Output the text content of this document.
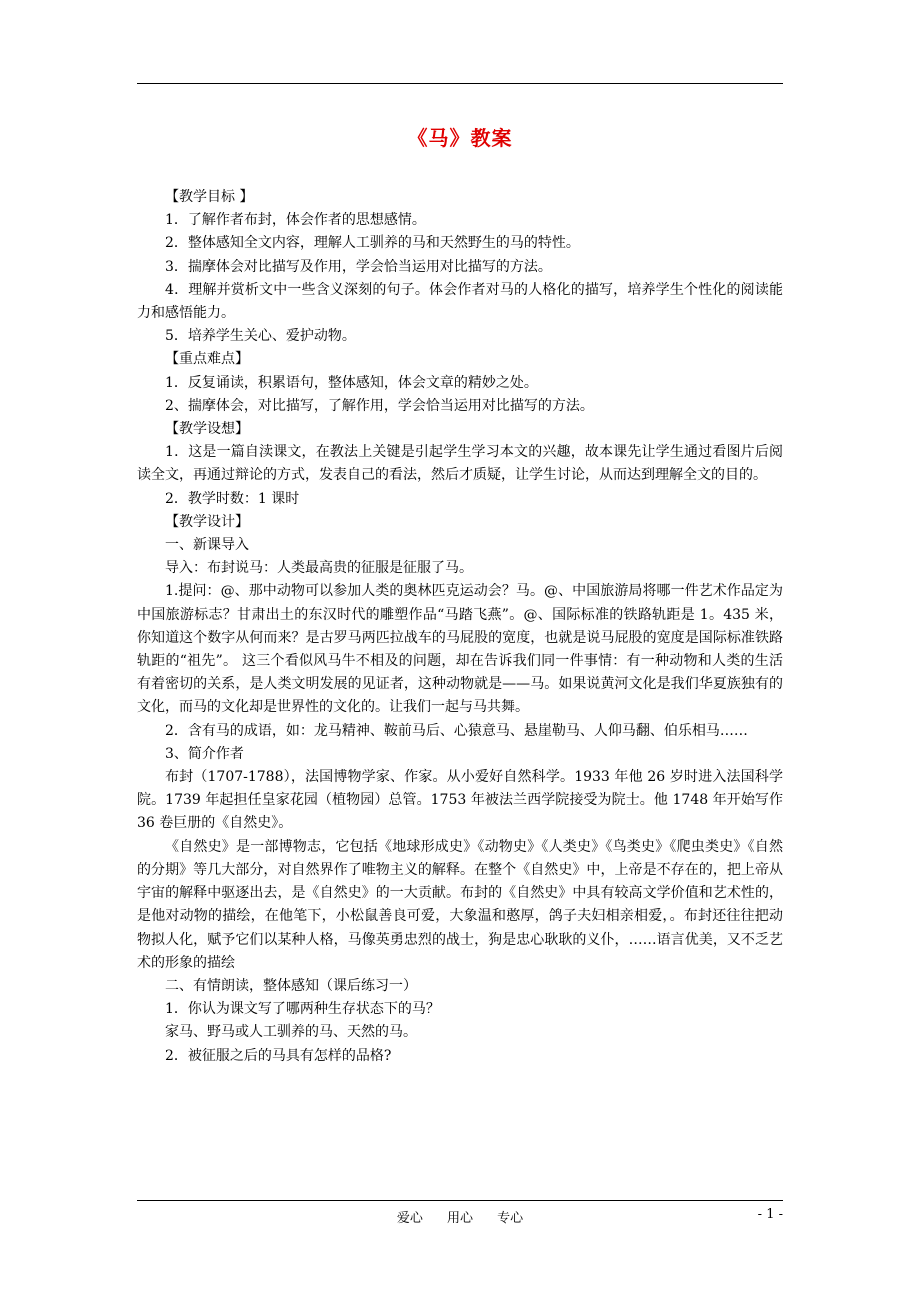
《马》教案

【教学目标 】

1．了解作者布封，体会作者的思想感情。

2．整体感知全文内容，理解人工驯养的马和天然野生的马的特性。

3．揣摩体会对比描写及作用，学会恰当运用对比描写的方法。

4．理解并赏析文中一些含义深刻的句子。体会作者对马的人格化的描写，培养学生个性化的阅读能力和感悟能力。

5．培养学生关心、爱护动物。

【重点难点】

1．反复诵读，积累语句，整体感知，体会文章的精妙之处。

2、揣摩体会，对比描写，了解作用，学会恰当运用对比描写的方法。

【教学设想】

1．这是一篇自渎课文，在教法上关键是引起学生学习本文的兴趣，故本课先让学生通过看图片后阅读全文，再通过辩论的方式，发表自己的看法，然后才质疑，让学生讨论，从而达到理解全文的目的。

2．教学时数：1 课时

【教学设计】

一、新课导入

导入：布封说马：人类最高贵的征服是征服了马。

1.提问：@、那中动物可以参加人类的奥林匹克运动会？马。@、中国旅游局将哪一件艺术作品定为中国旅游标志？甘肃出土的东汉时代的雕塑作品“马踏飞燕”。@、国际标准的铁路轨距是 1。435 米，你知道这个数字从何而来？是古罗马两匹拉战车的马屁股的宽度，也就是说马屁股的宽度是国际标准铁路轨距的“祖先”。 这三个看似风马牛不相及的问题，却在告诉我们同一件事情：有一种动物和人类的生活有着密切的关系，是人类文明发展的见证者，这种动物就是——马。如果说黄河文化是我们华夏族独有的文化，而马的文化却是世界性的文化的。让我们一起与马共舞。

2．含有马的成语，如：龙马精神、鞍前马后、心猿意马、悬崖勒马、人仰马翻、伯乐相马……

3、简介作者

布封（1707-1788），法国博物学家、作家。从小爱好自然科学。1933 年他 26 岁时进入法国科学院。1739 年起担任皇家花园（植物园）总管。1753 年被法兰西学院接受为院士。他 1748 年开始写作 36 卷巨册的《自然史》。

《自然史》是一部博物志，它包括《地球形成史》《动物史》《人类史》《鸟类史》《爬虫类史》《自然的分期》等几大部分，对自然界作了唯物主义的解释。在整个《自然史》中，上帝是不存在的，把上帝从宇宙的解释中驱逐出去，是《自然史》的一大贡献。布封的《自然史》中具有较高文学价值和艺术性的，是他对动物的描绘，在他笔下，小松鼠善良可爱，大象温和憨厚，鸽子夫妇相亲相爱，。布封还往往把动物拟人化，赋予它们以某种人格，马像英勇忠烈的战士，狗是忠心耿耿的义仆，……语言优美，又不乏艺术的形象的描绘

二、有情朗读，整体感知（课后练习一）

1．你认为课文写了哪两种生存状态下的马？

家马、野马或人工驯养的马、天然的马。

2．被征服之后的马具有怎样的品格?

爱心 用心 专心	- 1 -
